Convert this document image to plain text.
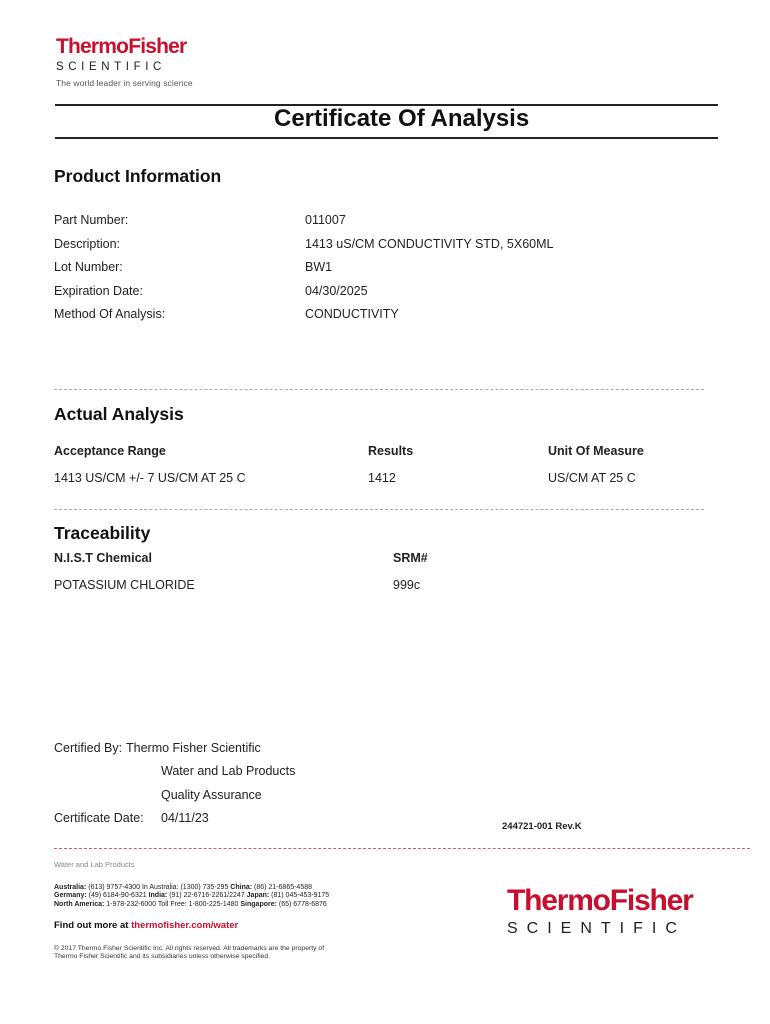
ThermoFisher
SCIENTIFIC
The world leader in serving science
Certificate Of Analysis
Product Information
Part Number:	011007
Description:	1413 uS/CM CONDUCTIVITY STD, 5X60ML
Lot Number:	BW1
Expiration Date:	04/30/2025
Method Of Analysis:	CONDUCTIVITY
Actual Analysis
Acceptance Range	Results	Unit Of Measure
1413 US/CM +/- 7 US/CM AT 25 C	1412	US/CM AT 25 C
Traceability
N.I.S.T Chemical	SRM#
POTASSIUM CHLORIDE	999c
Certified By: Thermo Fisher Scientific
Water and Lab Products
Quality Assurance
Certificate Date: 04/11/23
244721-001 Rev.K
Water and Lab Products
Australia: (613) 9757-4300 In Australia: (1300) 735-295 China: (86) 21-6865-4588
Germany: (49) 6184-90-6321 India: (91) 22-6716-2261/2247 Japan: (81) 045-453-9175
North America: 1-978-232-6000 Toll Free: 1-800-225-1480 Singapore: (65) 6778-6876
Find out more at thermofisher.com/water
© 2017 Thermo Fisher Scientific Inc. All rights reserved. All trademarks are the property of Thermo Fisher Scientific and its subsidiaries unless otherwise specified.
ThermoFisher
SCIENTIFIC
